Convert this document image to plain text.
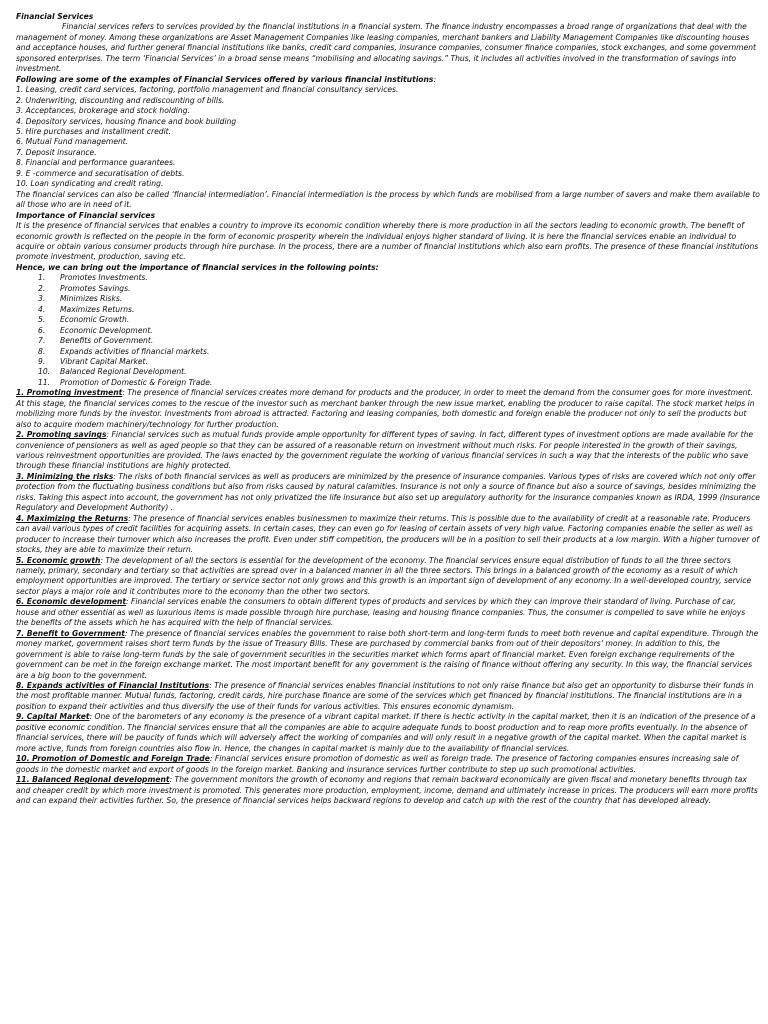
Financial Services

Financial services refers to services provided by the financial institutions in a financial system. The finance industry encompasses a broad range of organizations that deal with the management of money. Among these organizations are Asset Management Companies like leasing companies, merchant bankers and Liability Management Companies like discounting houses and acceptance houses, and further general financial institutions like banks, credit card companies, insurance companies, consumer finance companies, stock exchanges, and some government sponsored enterprises. The term ‘Financial Services’ in a broad sense means “mobilising and allocating savings.” Thus, it includes all activities involved in the transformation of savings into investment.

Following are some of the examples of Financial Services offered by various financial institutions:
1. Leasing, credit card services, factoring, portfolio management and financial consultancy services.
2. Underwriting, discounting and rediscounting of bills.
3. Acceptances, brokerage and stock holding.
4. Depository services, housing finance and book building
5. Hire purchases and installment credit.
6. Mutual Fund management.
7. Deposit insurance.
8. Financial and performance guarantees.
9. E -commerce and securatisation of debts.
10. Loan syndicating and credit rating.

The financial services can also be called ‘financial intermediation’. Financial intermediation is the process by which funds are mobilised from a large number of savers and make them available to all those who are in need of it.

Importance of Financial services

It is the presence of financial services that enables a country to improve its economic condition whereby there is more production in all the sectors leading to economic growth. The benefit of economic growth is reflected on the people in the form of economic prosperity wherein the individual enjoys higher standard of living. It is here the financial services enable an individual to acquire or obtain various consumer products through hire purchase. In the process, there are a number of financial institutions which also earn profits. The presence of these financial institutions promote investment, production, saving etc.

Hence, we can bring out the importance of financial services in the following points:
1.	Promotes Investments.
2.	Promotes Savings.
3.	Minimizes Risks.
4.	Maximizes Returns.
5.	Economic Growth.
6.	Economic Development.
7.	Benefits of Government.
8.	Expands activities of financial markets.
9.	Vibrant Capital Market.
10.	Balanced Regional Development.
11.	Promotion of Domestic & Foreign Trade.

1. Promoting investment: The presence of financial services creates more demand for products and the producer, in order to meet the demand from the consumer goes for more investment. At this stage, the financial services comes to the rescue of the investor such as merchant banker through the new issue market, enabling the producer to raise capital. The stock market helps in mobilizing more funds by the investor. Investments from abroad is attracted. Factoring and leasing companies, both domestic and foreign enable the producer not only to sell the products but also to acquire modern machinery/technology for further production.

2. Promoting savings: Financial services such as mutual funds provide ample opportunity for different types of saving. In fact, different types of investment options are made available for the convenience of pensioners as well as aged people so that they can be assured of a reasonable return on investment without much risks. For people interested in the growth of their savings, various reinvestment opportunities are provided. The laws enacted by the government regulate the working of various financial services in such a way that the interests of the public who save through these financial institutions are highly protected.

3. Minimizing the risks: The risks of both financial services as well as producers are minimized by the presence of insurance companies. Various types of risks are covered which not only offer protection from the fluctuating business conditions but also from risks caused by natural calamities. Insurance is not only a source of finance but also a source of savings, besides minimizing the risks. Taking this aspect into account, the government has not only privatized the life insurance but also set up aregulatory authority for the insurance companies known as IRDA, 1999 (Insurance Regulatory and Development Authority) .

4. Maximizing the Returns: The presence of financial services enables businessmen to maximize their returns. This is possible due to the availability of credit at a reasonable rate. Producers can avail various types of credit facilities for acquiring assets. In certain cases, they can even go for leasing of certain assets of very high value. Factoring companies enable the seller as well as producer to increase their turnover which also increases the profit. Even under stiff competition, the producers will be in a position to sell their products at a low margin. With a higher turnover of stocks, they are able to maximize their return.

5. Economic growth: The development of all the sectors is essential for the development of the economy. The financial services ensure equal distribution of funds to all the three sectors namely, primary, secondary and tertiary so that activities are spread over in a balanced manner in all the three sectors. This brings in a balanced growth of the economy as a result of which employment opportunities are improved. The tertiary or service sector not only grows and this growth is an important sign of development of any economy. In a well-developed country, service sector plays a major role and it contributes more to the economy than the other two sectors.

6. Economic development: Financial services enable the consumers to obtain different types of products and services by which they can improve their standard of living. Purchase of car, house and other essential as well as luxurious items is made possible through hire purchase, leasing and housing finance companies. Thus, the consumer is compelled to save while he enjoys the benefits of the assets which he has acquired with the help of financial services.

7. Benefit to Government: The presence of financial services enables the government to raise both short-term and long-term funds to meet both revenue and capital expenditure. Through the money market, government raises short term funds by the issue of Treasury Bills. These are purchased by commercial banks from out of their depositors’ money. In addition to this, the government is able to raise long-term funds by the sale of government securities in the securities market which forms apart of financial market. Even foreign exchange requirements of the government can be met in the foreign exchange market. The most important benefit for any government is the raising of finance without offering any security. In this way, the financial services are a big boon to the government.

8. Expands activities of Financial Institutions: The presence of financial services enables financial institutions to not only raise finance but also get an opportunity to disburse their funds in the most profitable manner. Mutual funds, factoring, credit cards, hire purchase finance are some of the services which get financed by financial institutions. The financial institutions are in a position to expand their activities and thus diversify the use of their funds for various activities. This ensures economic dynamism.

9. Capital Market: One of the barometers of any economy is the presence of a vibrant capital market. If there is hectic activity in the capital market, then it is an indication of the presence of a positive economic condition. The financial services ensure that all the companies are able to acquire adequate funds to boost production and to reap more profits eventually. In the absence of financial services, there will be paucity of funds which will adversely affect the working of companies and will only result in a negative growth of the capital market. When the capital market is more active, funds from foreign countries also flow in. Hence, the changes in capital market is mainly due to the availability of financial services.

10. Promotion of Domestic and Foreign Trade: Financial services ensure promotion of domestic as well as foreign trade. The presence of factoring companies ensures increasing sale of goods in the domestic market and export of goods in the foreign market. Banking and insurance services further contribute to step up such promotional activities.

11. Balanced Regional development: The government monitors the growth of economy and regions that remain backward economically are given fiscal and monetary benefits through tax and cheaper credit by which more investment is promoted. This generates more production, employment, income, demand and ultimately increase in prices. The producers will earn more profits and can expand their activities further. So, the presence of financial services helps backward regions to develop and catch up with the rest of the country that has developed already.
